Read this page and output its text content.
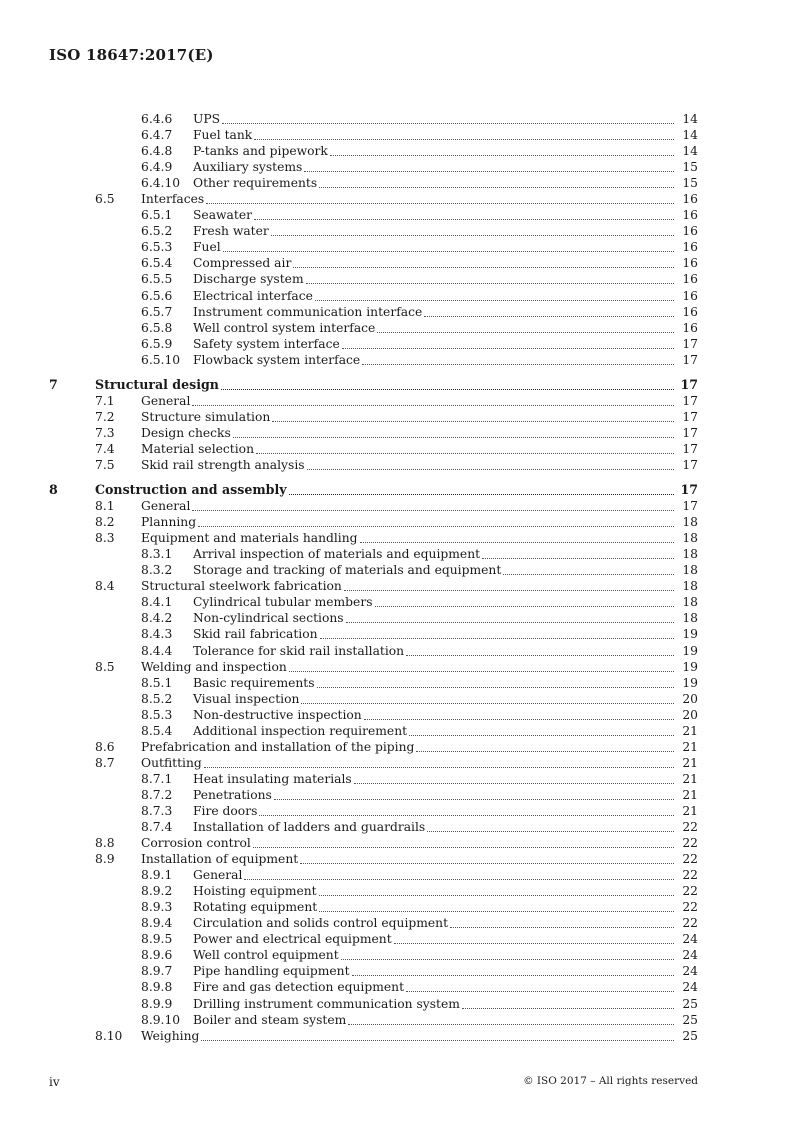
ISO 18647:2017(E)
6.4.6 UPS	14
6.4.7 Fuel tank	14
6.4.8 P-tanks and pipework	14
6.4.9 Auxiliary systems	15
6.4.10 Other requirements	15
6.5 Interfaces	16
6.5.1 Seawater	16
6.5.2 Fresh water	16
6.5.3 Fuel	16
6.5.4 Compressed air	16
6.5.5 Discharge system	16
6.5.6 Electrical interface	16
6.5.7 Instrument communication interface	16
6.5.8 Well control system interface	16
6.5.9 Safety system interface	17
6.5.10 Flowback system interface	17
7	Structural design	17
7.1 General	17
7.2 Structure simulation	17
7.3 Design checks	17
7.4 Material selection	17
7.5 Skid rail strength analysis	17
8	Construction and assembly	17
8.1 General	17
8.2 Planning	18
8.3 Equipment and materials handling	18
8.3.1 Arrival inspection of materials and equipment	18
8.3.2 Storage and tracking of materials and equipment	18
8.4 Structural steelwork fabrication	18
8.4.1 Cylindrical tubular members	18
8.4.2 Non-cylindrical sections	18
8.4.3 Skid rail fabrication	19
8.4.4 Tolerance for skid rail installation	19
8.5 Welding and inspection	19
8.5.1 Basic requirements	19
8.5.2 Visual inspection	20
8.5.3 Non-destructive inspection	20
8.5.4 Additional inspection requirement	21
8.6 Prefabrication and installation of the piping	21
8.7 Outfitting	21
8.7.1 Heat insulating materials	21
8.7.2 Penetrations	21
8.7.3 Fire doors	21
8.7.4 Installation of ladders and guardrails	22
8.8 Corrosion control	22
8.9 Installation of equipment	22
8.9.1 General	22
8.9.2 Hoisting equipment	22
8.9.3 Rotating equipment	22
8.9.4 Circulation and solids control equipment	22
8.9.5 Power and electrical equipment	24
8.9.6 Well control equipment	24
8.9.7 Pipe handling equipment	24
8.9.8 Fire and gas detection equipment	24
8.9.9 Drilling instrument communication system	25
8.9.10 Boiler and steam system	25
8.10 Weighing	25
iv	© ISO 2017 – All rights reserved
